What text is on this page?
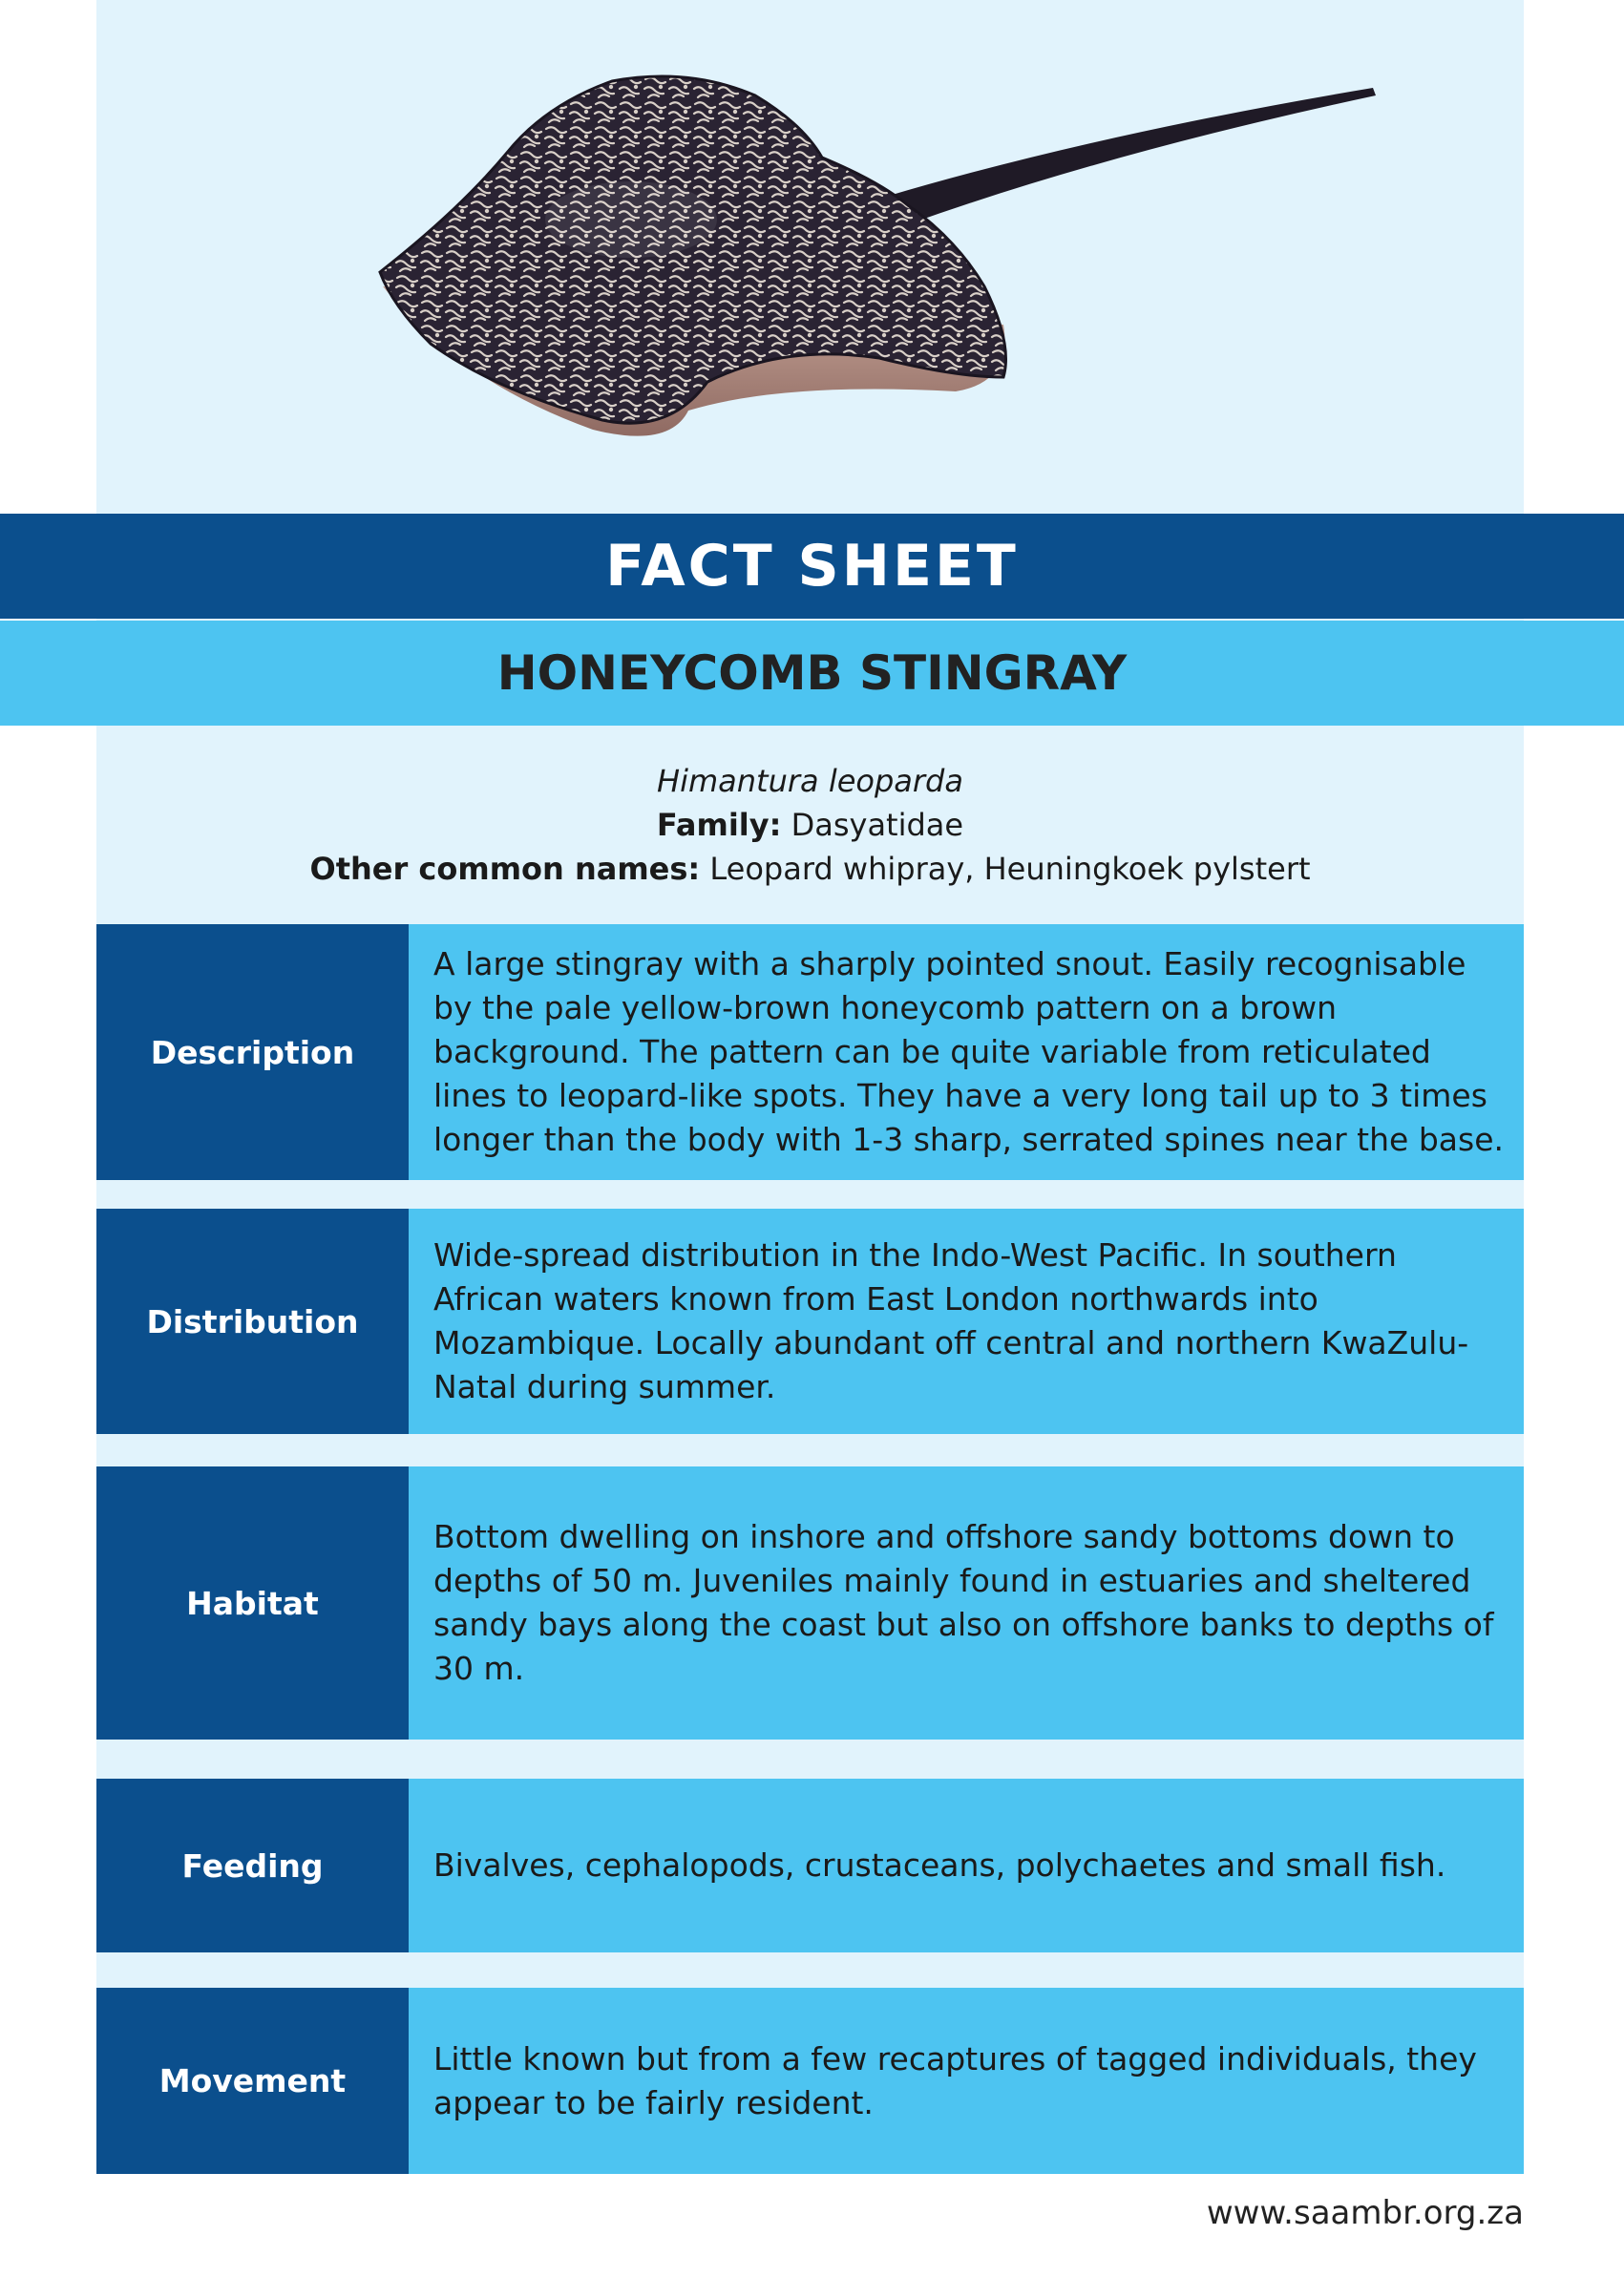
FACT SHEET
HONEYCOMB STINGRAY
Himantura leoparda
Family: Dasyatidae
Other common names: Leopard whipray, Heuningkoek pylstert
Description
A large stingray with a sharply pointed snout. Easily recognisable by the pale yellow-brown honeycomb pattern on a brown background. The pattern can be quite variable from reticulated lines to leopard-like spots. They have a very long tail up to 3 times longer than the body with 1-3 sharp, serrated spines near the base.
Distribution
Wide-spread distribution in the Indo-West Pacific. In southern African waters known from East London northwards into Mozambique. Locally abundant off central and northern KwaZulu-Natal during summer.
Habitat
Bottom dwelling on inshore and offshore sandy bottoms down to depths of 50 m. Juveniles mainly found in estuaries and sheltered sandy bays along the coast but also on offshore banks to depths of 30 m.
Feeding	Bivalves, cephalopods, crustaceans, polychaetes and small fish.
Movement
Little known but from a few recaptures of tagged individuals, they appear to be fairly resident.
www.saambr.org.za
